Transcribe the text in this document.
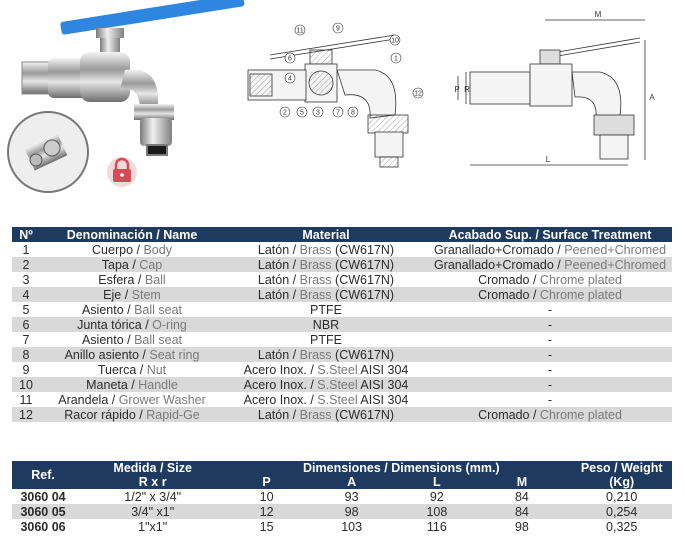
11	9
10
1
6
4
12
2 5 3 7 8
M
R
P
A
L
Nº	Denominación / Name	Material	Acabado Sup. / Surface Treatment
1	Cuerpo / Body	Latón / Brass (CW617N)	Granallado+Cromado / Peened+Chromed
2	Tapa / Cap	Latón / Brass (CW617N)	Granallado+Cromado / Peened+Chromed
3	Esfera / Ball	Latón / Brass (CW617N)	Cromado / Chrome plated
4	Eje / Stem	Latón / Brass (CW617N)	Cromado / Chrome plated
5	Asiento / Ball seat	PTFE	-
6	Junta tórica / O-ring	NBR	-
7	Asiento / Ball seat	PTFE	-
8	Anillo asiento / Seat ring	Latón / Brass (CW617N)	-
9	Tuerca / Nut	Acero Inox. / S.Steel AISI 304	-
10	Maneta / Handle	Acero Inox. / S.Steel AISI 304	-
11	Arandela / Grower Washer	Acero Inox. / S.Steel AISI 304	-
12	Racor rápido / Rapid-Ge	Latón / Brass (CW617N)	Cromado / Chrome plated
Ref.	Medida / Size	Dimensiones / Dimensions (mm.)				Peso / Weight
	R x r	P	A	L	M	(Kg)
3060 04	1/2" x 3/4"	10	93	92	84	0,210
3060 05	3/4" x1"	12	98	108	84	0,254
3060 06	1"x1"	15	103	116	98	0,325
